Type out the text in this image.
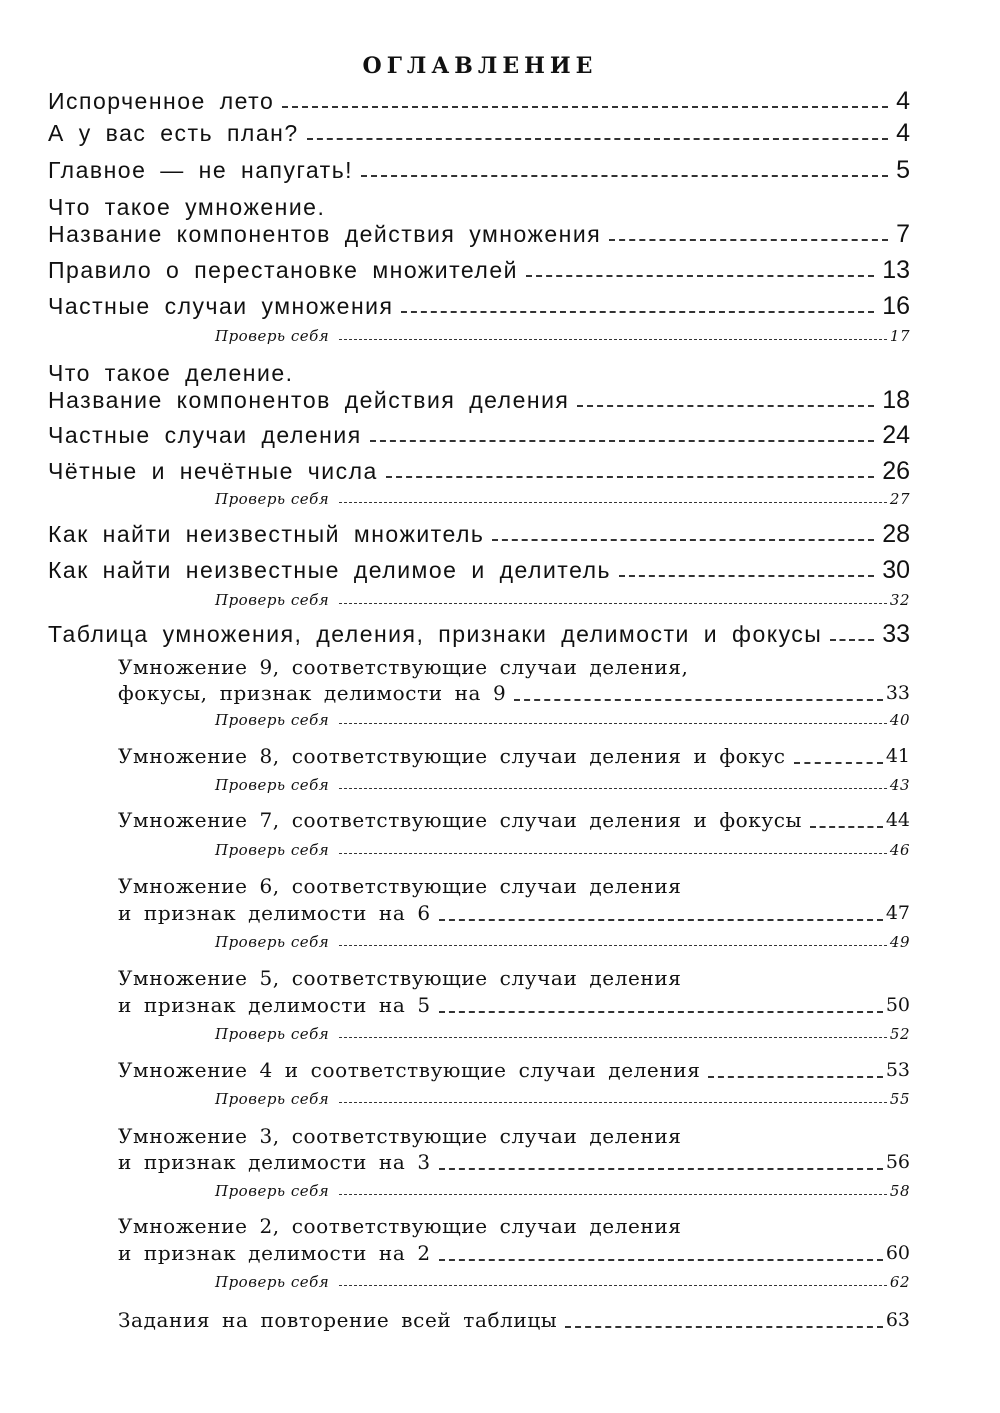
ОГЛАВЛЕНИЕ
Испорченное лето	4
А у вас есть план?	4
Главное — не напугать!	5
Что такое умножение.
Название компонентов действия умножения	7
Правило о перестановке множителей	13
Частные случаи умножения	16
Проверь себя	17
Что такое деление.
Название компонентов действия деления	18
Частные случаи деления	24
Чётные и нечётные числа	26
Проверь себя	27
Как найти неизвестный множитель	28
Как найти неизвестные делимое и делитель	30
Проверь себя	32
Таблица умножения, деления, признаки делимости и фокусы 33
Умножение 9, соответствующие случаи деления,
фокусы, признак делимости на 9	33
Проверь себя	40
Умножение 8, соответствующие случаи деления и фокус	41
Проверь себя	43
Умножение 7, соответствующие случаи деления и фокусы	44
Проверь себя	46
Умножение 6, соответствующие случаи деления
и признак делимости на 6	47
Проверь себя	49
Умножение 5, соответствующие случаи деления
и признак делимости на 5	50
Проверь себя	52
Умножение 4 и соответствующие случаи деления	53
Проверь себя	55
Умножение 3, соответствующие случаи деления
и признак делимости на 3	56
Проверь себя	58
Умножение 2, соответствующие случаи деления
и признак делимости на 2	60
Проверь себя	62
Задания на повторение всей таблицы	63
